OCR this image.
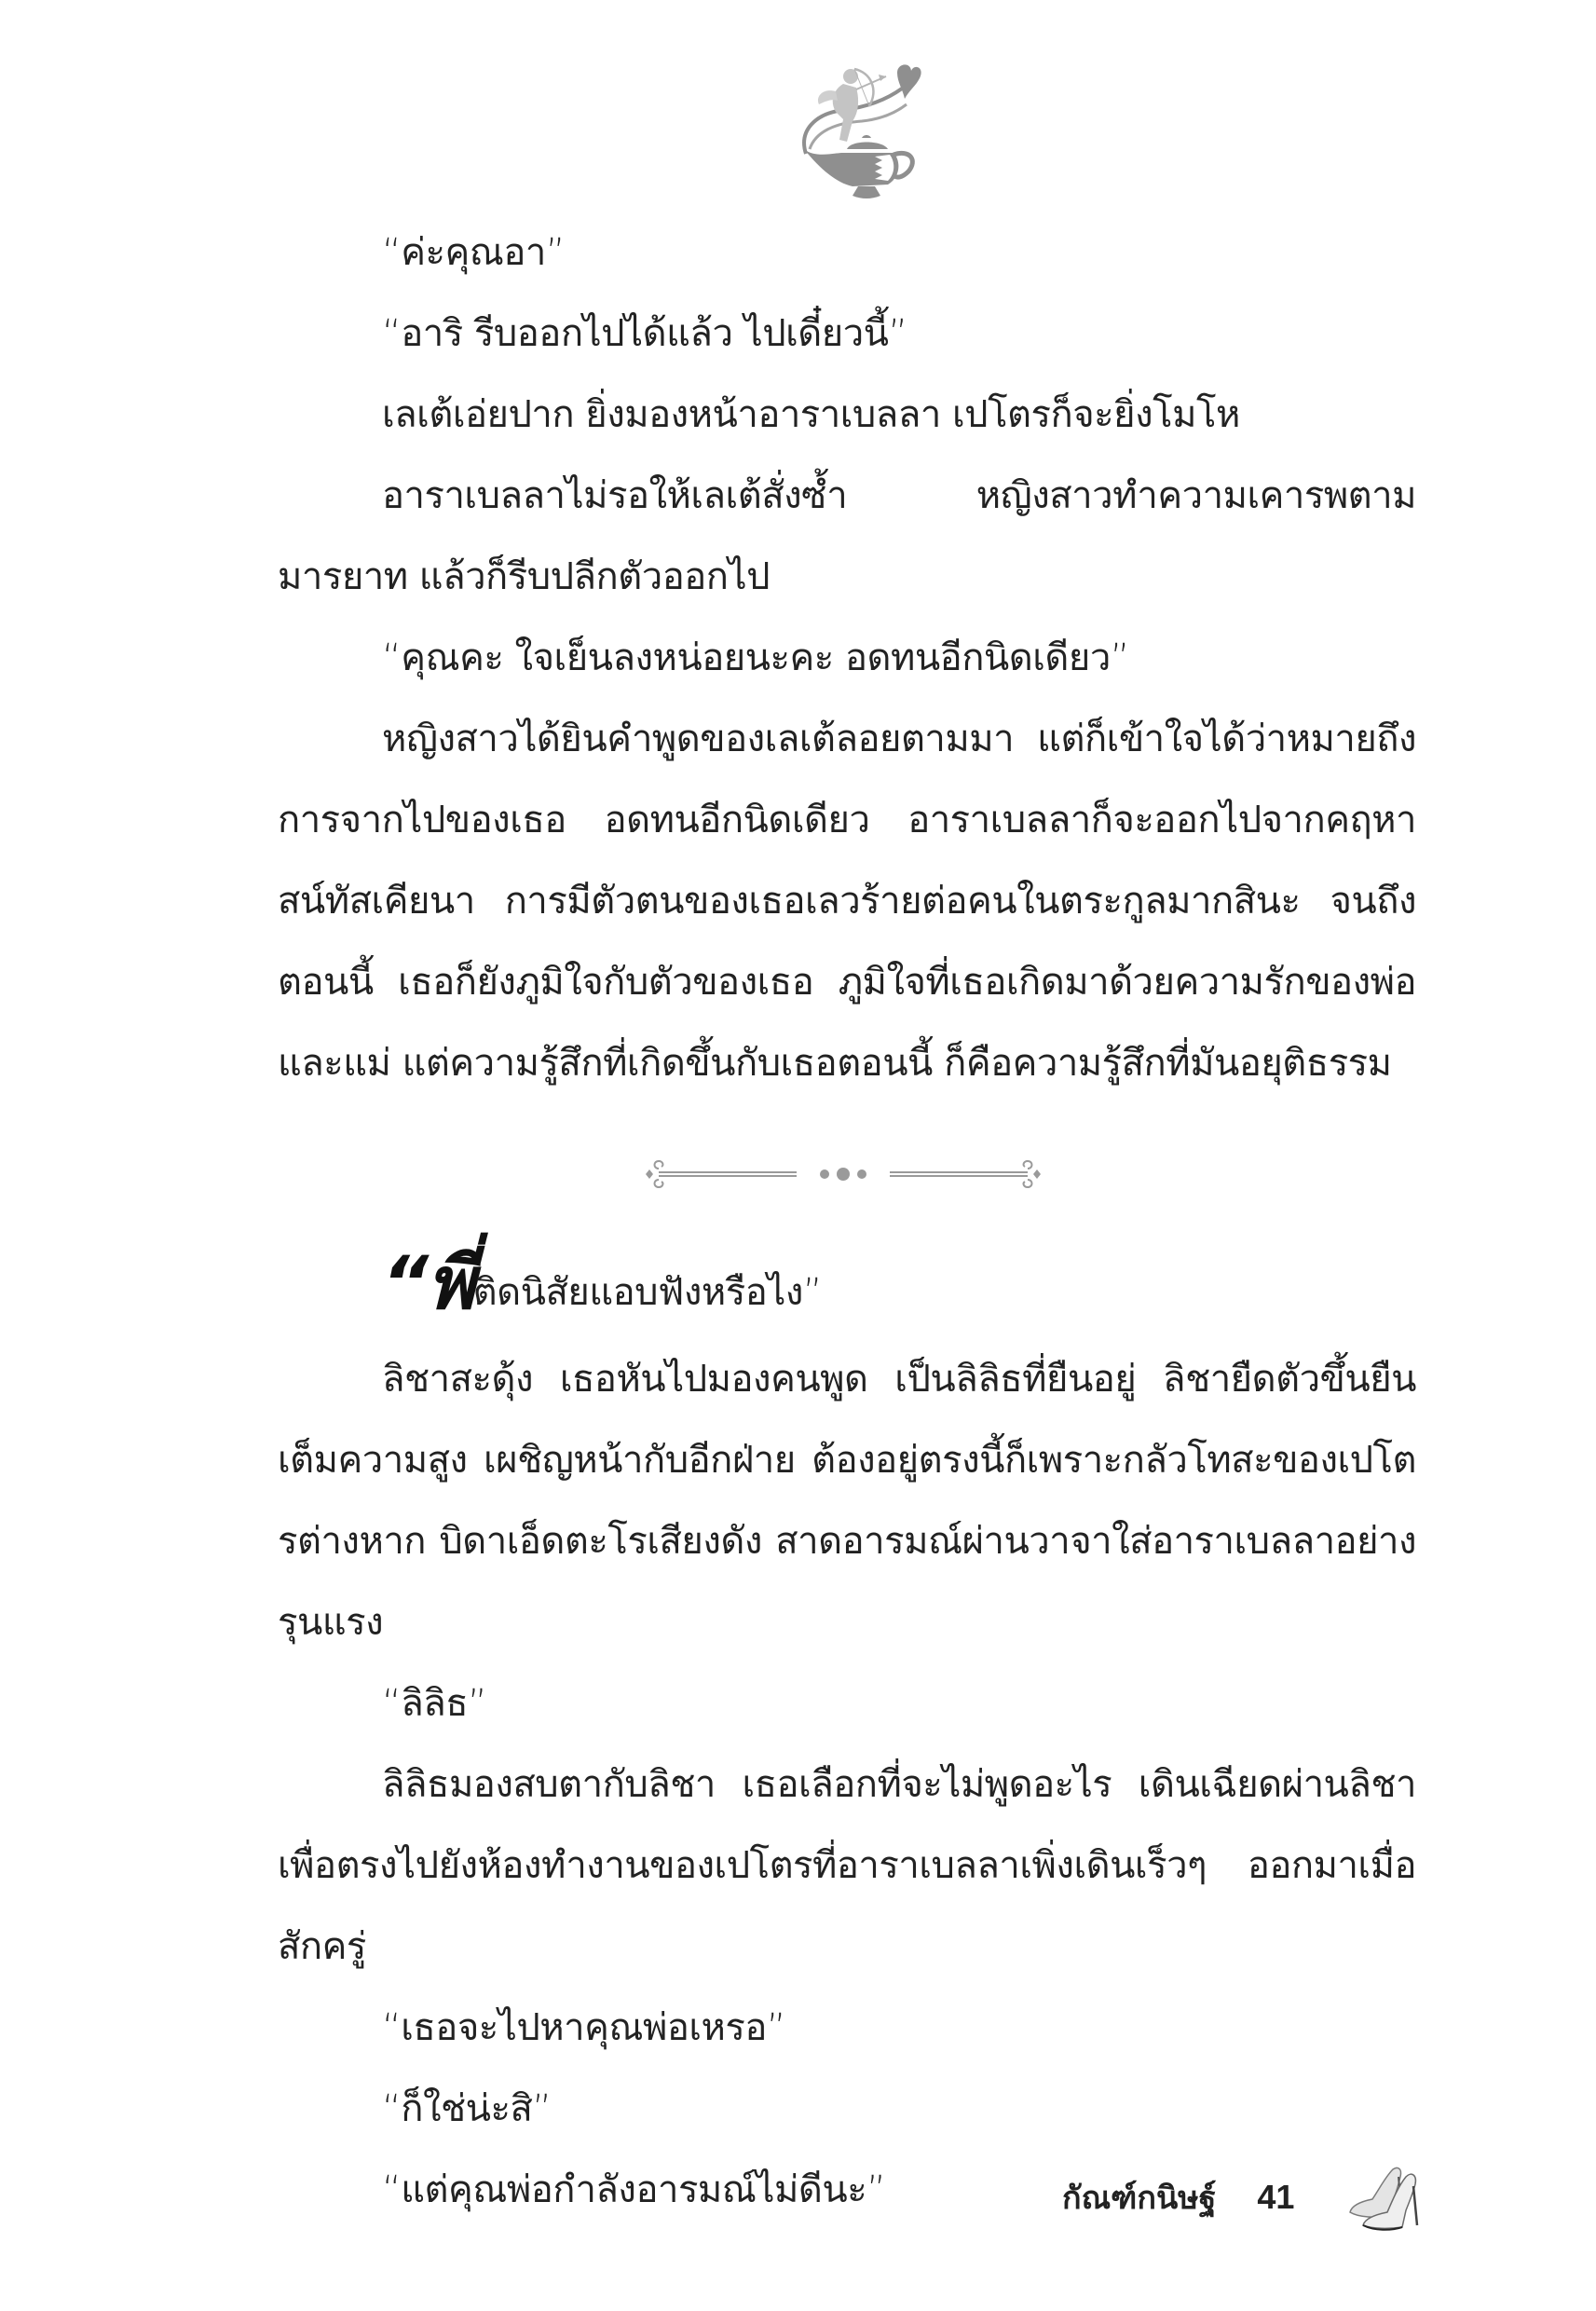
“ค่ะคุณอา”

“อาริ รีบออกไปได้แล้ว ไปเดี๋ยวนี้”

เลเต้เอ่ยปาก ยิ่งมองหน้าอาราเบลลา เปโตรก็จะยิ่งโมโห

อาราเบลลาไม่รอให้เลเต้สั่งซ้ำ หญิงสาวทำความเคารพตามมารยาท แล้วก็รีบปลีกตัวออกไป

“คุณคะ ใจเย็นลงหน่อยนะคะ อดทนอีกนิดเดียว”

หญิงสาวได้ยินคำพูดของเลเต้ลอยตามมา แต่ก็เข้าใจได้ว่าหมายถึงการจากไปของเธอ อดทนอีกนิดเดียว อาราเบลลาก็จะออกไปจากคฤหาสน์ทัสเคียนา การมีตัวตนของเธอเลวร้ายต่อคนในตระกูลมากสินะ จนถึงตอนนี้ เธอก็ยังภูมิใจกับตัวของเธอ ภูมิใจที่เธอเกิดมาด้วยความรักของพ่อและแม่ แต่ความรู้สึกที่เกิดขึ้นกับเธอตอนนี้ ก็คือความรู้สึกที่มันอยุติธรรม

“พี่ติดนิสัยแอบฟังหรือไง”

ลิชาสะดุ้ง เธอหันไปมองคนพูด เป็นลิลิธที่ยืนอยู่ ลิชายืดตัวขึ้นยืนเต็มความสูง เผชิญหน้ากับอีกฝ่าย ต้องอยู่ตรงนี้ก็เพราะกลัวโทสะของเปโตรต่างหาก บิดาเอ็ดตะโรเสียงดัง สาดอารมณ์ผ่านวาจาใส่อาราเบลลาอย่างรุนแรง

“ลิลิธ”

ลิลิธมองสบตากับลิชา เธอเลือกที่จะไม่พูดอะไร เดินเฉียดผ่านลิชา เพื่อตรงไปยังห้องทำงานของเปโตรที่อาราเบลลาเพิ่งเดินเร็วๆ ออกมาเมื่อสักครู่

“เธอจะไปหาคุณพ่อเหรอ”

“ก็ใช่น่ะสิ”

“แต่คุณพ่อกำลังอารมณ์ไม่ดีนะ”	กัณฑ์กนิษฐ์ 41
